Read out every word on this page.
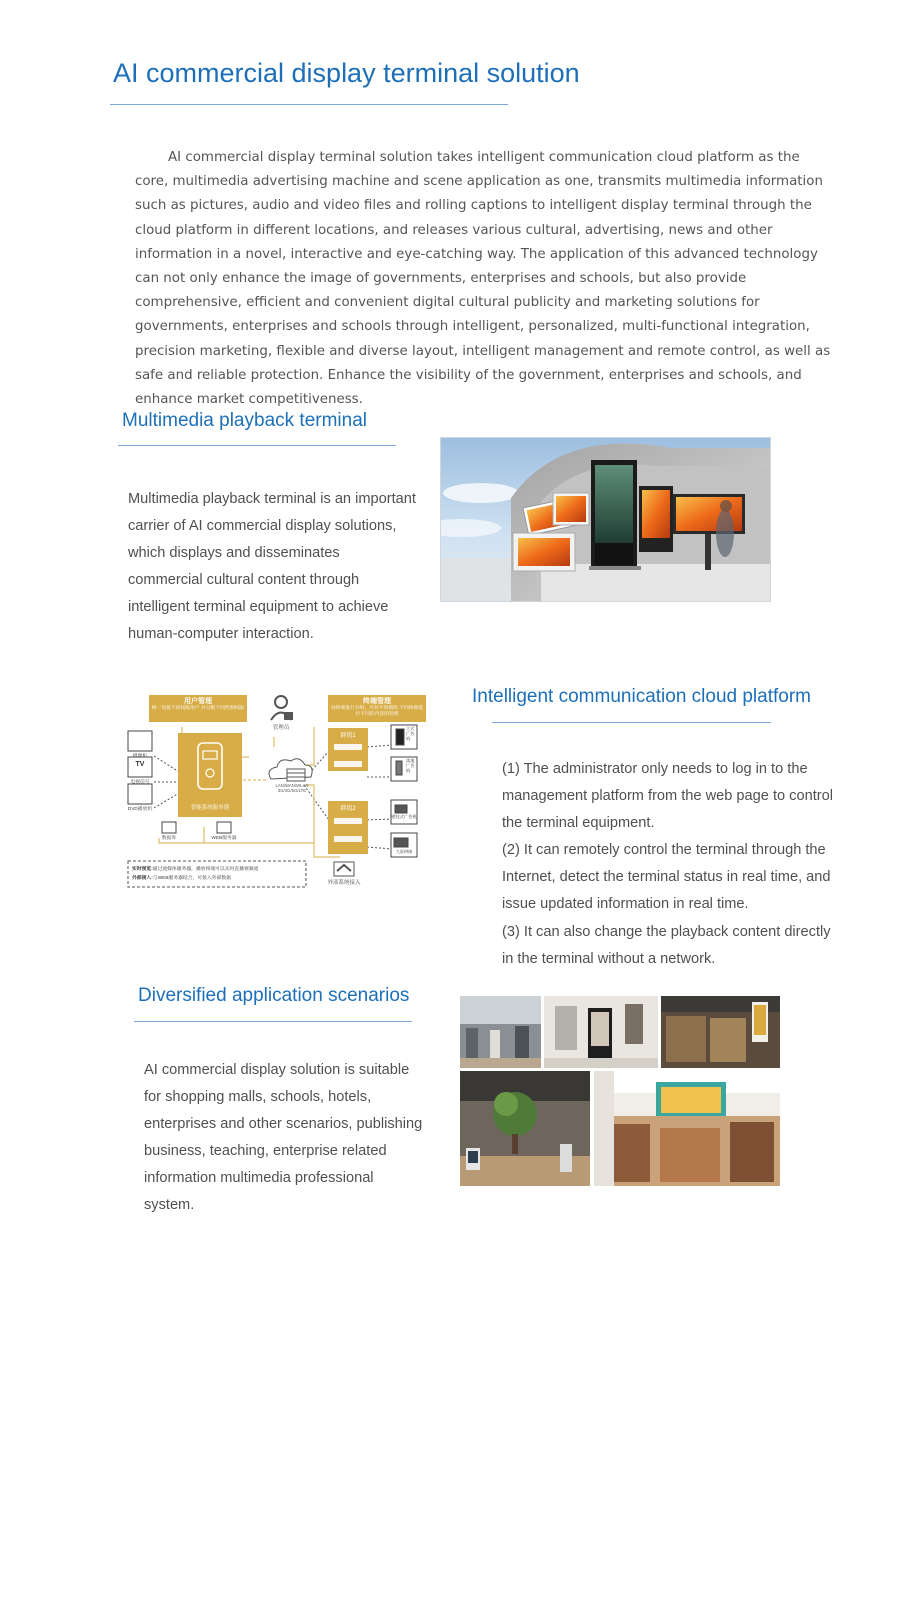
AI commercial display terminal solution
AI commercial display terminal solution takes intelligent communication cloud platform as the core, multimedia advertising machine and scene application as one, transmits multimedia information such as pictures, audio and video files and rolling captions to intelligent display terminal through the cloud platform in different locations, and releases various cultural, advertising, news and other information in a novel, interactive and eye-catching way. The application of this advanced technology can not only enhance the image of governments, enterprises and schools, but also provide comprehensive, efficient and convenient digital cultural publicity and marketing solutions for governments, enterprises and schools through intelligent, personalized, multi-functional integration, precision marketing, flexible and diverse layout, intelligent management and remote control, as well as safe and reliable protection. Enhance the visibility of the government, enterprises and schools, and enhance market competitiveness.
Multimedia playback terminal
Multimedia playback terminal is an important carrier of AI commercial display solutions, which displays and disseminates commercial cultural content through intelligent terminal equipment to achieve human-computer interaction.
用户管理
统一设置不同权限用户 并分配不同控制权限
终端管理
对终端进行分组，可对不同模组 不同终端进行不同的内容的管理
管理员
智能系统服务器
LAN/WAN/WLAN 3G/4G/5G/LTE
TV
摄像机
电视信号
DVD播放机
数据库	WEB服务器
群组1
群组2
立式广告机
落地广告机
壁挂式广告机
大屏拼接
外部系统接入
实时预览:通过流媒体服务器，播放终端可以实时直播视频流
外部接入:与WEB服务器结合，可接入外部数据
Intelligent communication cloud platform
(1) The administrator only needs to log in to the management platform from the web page to control the terminal equipment.
(2) It can remotely control the terminal through the Internet, detect the terminal status in real time, and issue updated information in real time.
(3) It can also change the playback content directly in the terminal without a network.
Diversified application scenarios
AI commercial display solution is suitable for shopping malls, schools, hotels, enterprises and other scenarios, publishing business, teaching, enterprise related information multimedia professional system.
